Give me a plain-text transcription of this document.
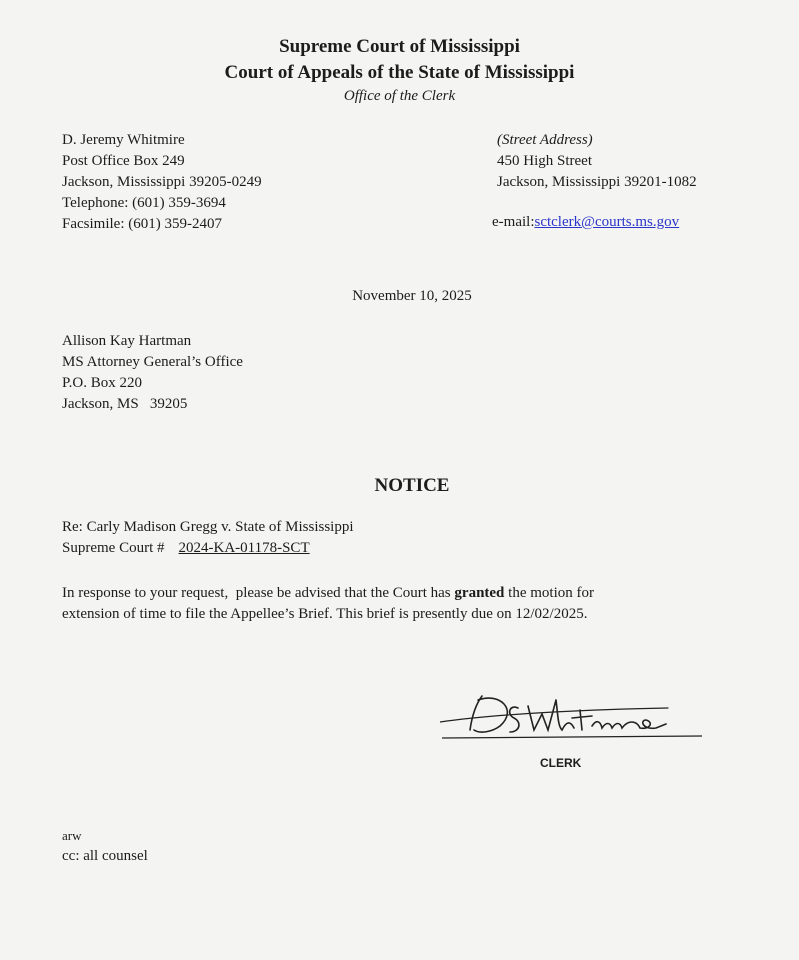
Supreme Court of Mississippi
Court of Appeals of the State of Mississippi
Office of the Clerk
D. Jeremy Whitmire
Post Office Box 249
Jackson, Mississippi 39205-0249
Telephone: (601) 359-3694
Facsimile: (601) 359-2407
(Street Address)
450 High Street
Jackson, Mississippi 39201-1082
e-mail:sctclerk@courts.ms.gov
November 10, 2025
Allison Kay Hartman
MS Attorney General’s Office
P.O. Box 220
Jackson, MS   39205
NOTICE
Re: Carly Madison Gregg v. State of Mississippi
Supreme Court # 2024-KA-01178-SCT
In response to your request,  please be advised that the Court has granted the motion for
extension of time to file the Appellee’s Brief. This brief is presently due on 12/02/2025.
CLERK
arw
cc: all counsel
